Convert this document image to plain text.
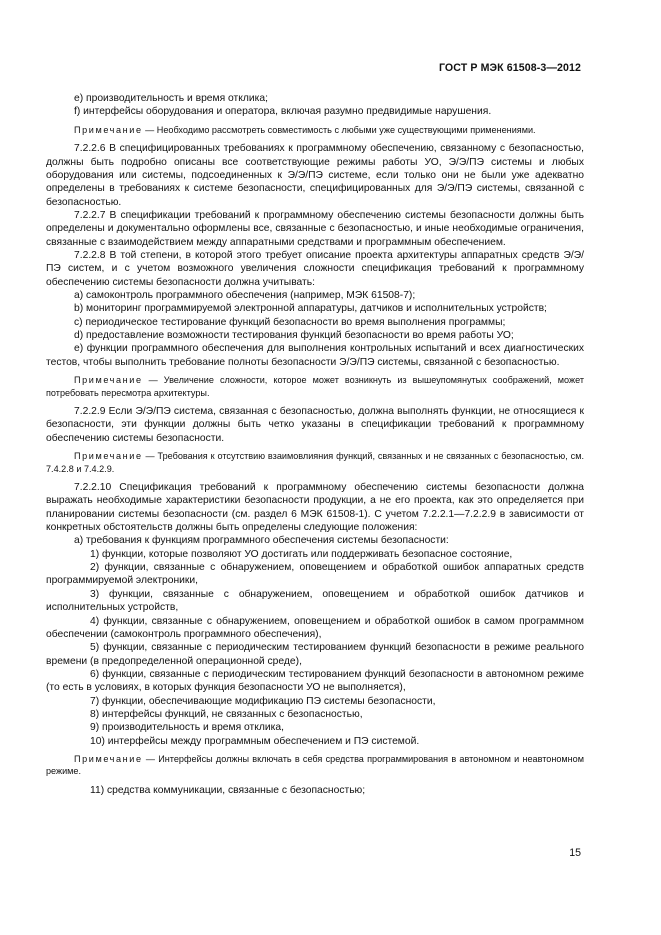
ГОСТ Р МЭК 61508-3—2012
e) производительность и время отклика;
f) интерфейсы оборудования и оператора, включая разумно предвидимые нарушения.
Примечание — Необходимо рассмотреть совместимость с любыми уже существующими применениями.
7.2.2.6 В специфицированных требованиях к программному обеспечению, связанному с безопасностью, должны быть подробно описаны все соответствующие режимы работы УО, Э/Э/ПЭ системы и любых оборудования или системы, подсоединенных к Э/Э/ПЭ системе, если только они не были уже адекватно определены в требованиях к системе безопасности, специфицированных для Э/Э/ПЭ системы, связанной с безопасностью.
7.2.2.7 В спецификации требований к программному обеспечению системы безопасности должны быть определены и документально оформлены все, связанные с безопасностью, и иные необходимые ограничения, связанные с взаимодействием между аппаратными средствами и программным обеспечением.
7.2.2.8 В той степени, в которой этого требует описание проекта архитектуры аппаратных средств Э/Э/ПЭ систем, и с учетом возможного увеличения сложности спецификация требований к программному обеспечению системы безопасности должна учитывать:
a) самоконтроль программного обеспечения (например, МЭК 61508-7);
b) мониторинг программируемой электронной аппаратуры, датчиков и исполнительных устройств;
c) периодическое тестирование функций безопасности во время выполнения программы;
d) предоставление возможности тестирования функций безопасности во время работы УО;
e) функции программного обеспечения для выполнения контрольных испытаний и всех диагностических тестов, чтобы выполнить требование полноты безопасности Э/Э/ПЭ системы, связанной с безопасностью.
Примечание — Увеличение сложности, которое может возникнуть из вышеупомянутых соображений, может потребовать пересмотра архитектуры.
7.2.2.9 Если Э/Э/ПЭ система, связанная с безопасностью, должна выполнять функции, не относящиеся к безопасности, эти функции должны быть четко указаны в спецификации требований к программному обеспечению системы безопасности.
Примечание — Требования к отсутствию взаимовлияния функций, связанных и не связанных с безопасностью, см. 7.4.2.8 и 7.4.2.9.
7.2.2.10 Спецификация требований к программному обеспечению системы безопасности должна выражать необходимые характеристики безопасности продукции, а не его проекта, как это определяется при планировании системы безопасности (см. раздел 6 МЭК 61508-1). С учетом 7.2.2.1—7.2.2.9 в зависимости от конкретных обстоятельств должны быть определены следующие положения:
a) требования к функциям программного обеспечения системы безопасности:
1) функции, которые позволяют УО достигать или поддерживать безопасное состояние,
2) функции, связанные с обнаружением, оповещением и обработкой ошибок аппаратных средств программируемой электроники,
3) функции, связанные с обнаружением, оповещением и обработкой ошибок датчиков и исполнительных устройств,
4) функции, связанные с обнаружением, оповещением и обработкой ошибок в самом программном обеспечении (самоконтроль программного обеспечения),
5) функции, связанные с периодическим тестированием функций безопасности в режиме реального времени (в предопределенной операционной среде),
6) функции, связанные с периодическим тестированием функций безопасности в автономном режиме (то есть в условиях, в которых функция безопасности УО не выполняется),
7) функции, обеспечивающие модификацию ПЭ системы безопасности,
8) интерфейсы функций, не связанных с безопасностью,
9) производительность и время отклика,
10) интерфейсы между программным обеспечением и ПЭ системой.
Примечание — Интерфейсы должны включать в себя средства программирования в автономном и неавтономном режиме.
11) средства коммуникации, связанные с безопасностью;
15
